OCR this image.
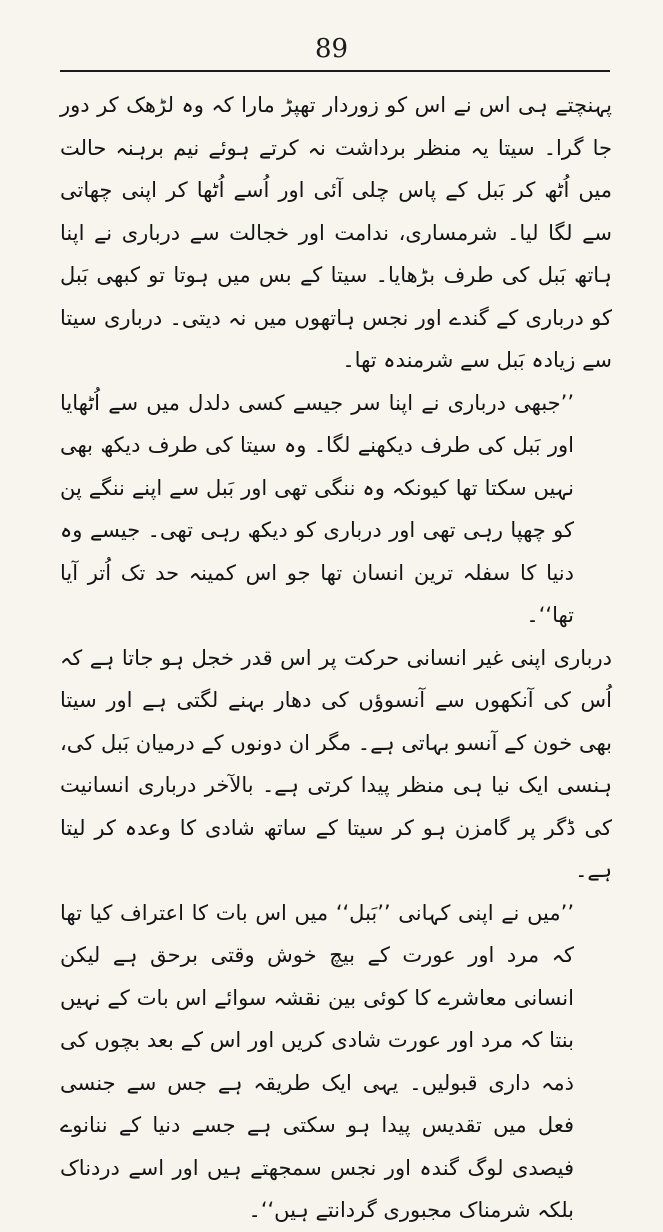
89

پہنچتے ہی اس نے اس کو زوردار تھپڑ مارا کہ وہ لڑھک کر دور جا گرا۔ سیتا یہ منظر برداشت نہ کرتے ہوئے نیم برہنہ حالت میں اُٹھ کر بَبل کے پاس چلی آئی اور اُسے اُٹھا کر اپنی چھاتی سے لگا لیا۔ شرمساری، ندامت اور خجالت سے درباری نے اپنا ہاتھ بَبل کی طرف بڑھایا۔ سیتا کے بس میں ہوتا تو کبھی بَبل کو درباری کے گندے اور نجس ہاتھوں میں نہ دیتی۔ درباری سیتا سے زیادہ بَبل سے شرمندہ تھا۔

’’جبھی درباری نے اپنا سر جیسے کسی دلدل میں سے اُٹھایا اور بَبل کی طرف دیکھنے لگا۔ وہ سیتا کی طرف دیکھ بھی نہیں سکتا تھا کیونکہ وہ ننگی تھی اور بَبل سے اپنے ننگے پن کو چھپا رہی تھی اور درباری کو دیکھ رہی تھی۔ جیسے وہ دنیا کا سفلہ ترین انسان تھا جو اس کمینہ حد تک اُتر آیا تھا‘‘۔

درباری اپنی غیر انسانی حرکت پر اس قدر خجل ہو جاتا ہے کہ اُس کی آنکھوں سے آنسوؤں کی دھار بہنے لگتی ہے اور سیتا بھی خون کے آنسو بہاتی ہے۔ مگر ان دونوں کے درمیان بَبل کی، ہنسی ایک نیا ہی منظر پیدا کرتی ہے۔ بالآخر درباری انسانیت کی ڈگر پر گامزن ہو کر سیتا کے ساتھ شادی کا وعدہ کر لیتا ہے۔

’’میں نے اپنی کہانی ’’بَبل‘‘ میں اس بات کا اعتراف کیا تھا کہ مرد اور عورت کے بیچ خوش وقتی برحق ہے لیکن انسانی معاشرے کا کوئی بین نقشہ سوائے اس بات کے نہیں بنتا کہ مرد اور عورت شادی کریں اور اس کے بعد بچوں کی ذمہ داری قبولیں۔ یہی ایک طریقہ ہے جس سے جنسی فعل میں تقدیس پیدا ہو سکتی ہے جسے دنیا کے ننانوے فیصدی لوگ گندہ اور نجس سمجھتے ہیں اور اسے دردناک بلکہ شرمناک مجبوری گردانتے ہیں‘‘۔
